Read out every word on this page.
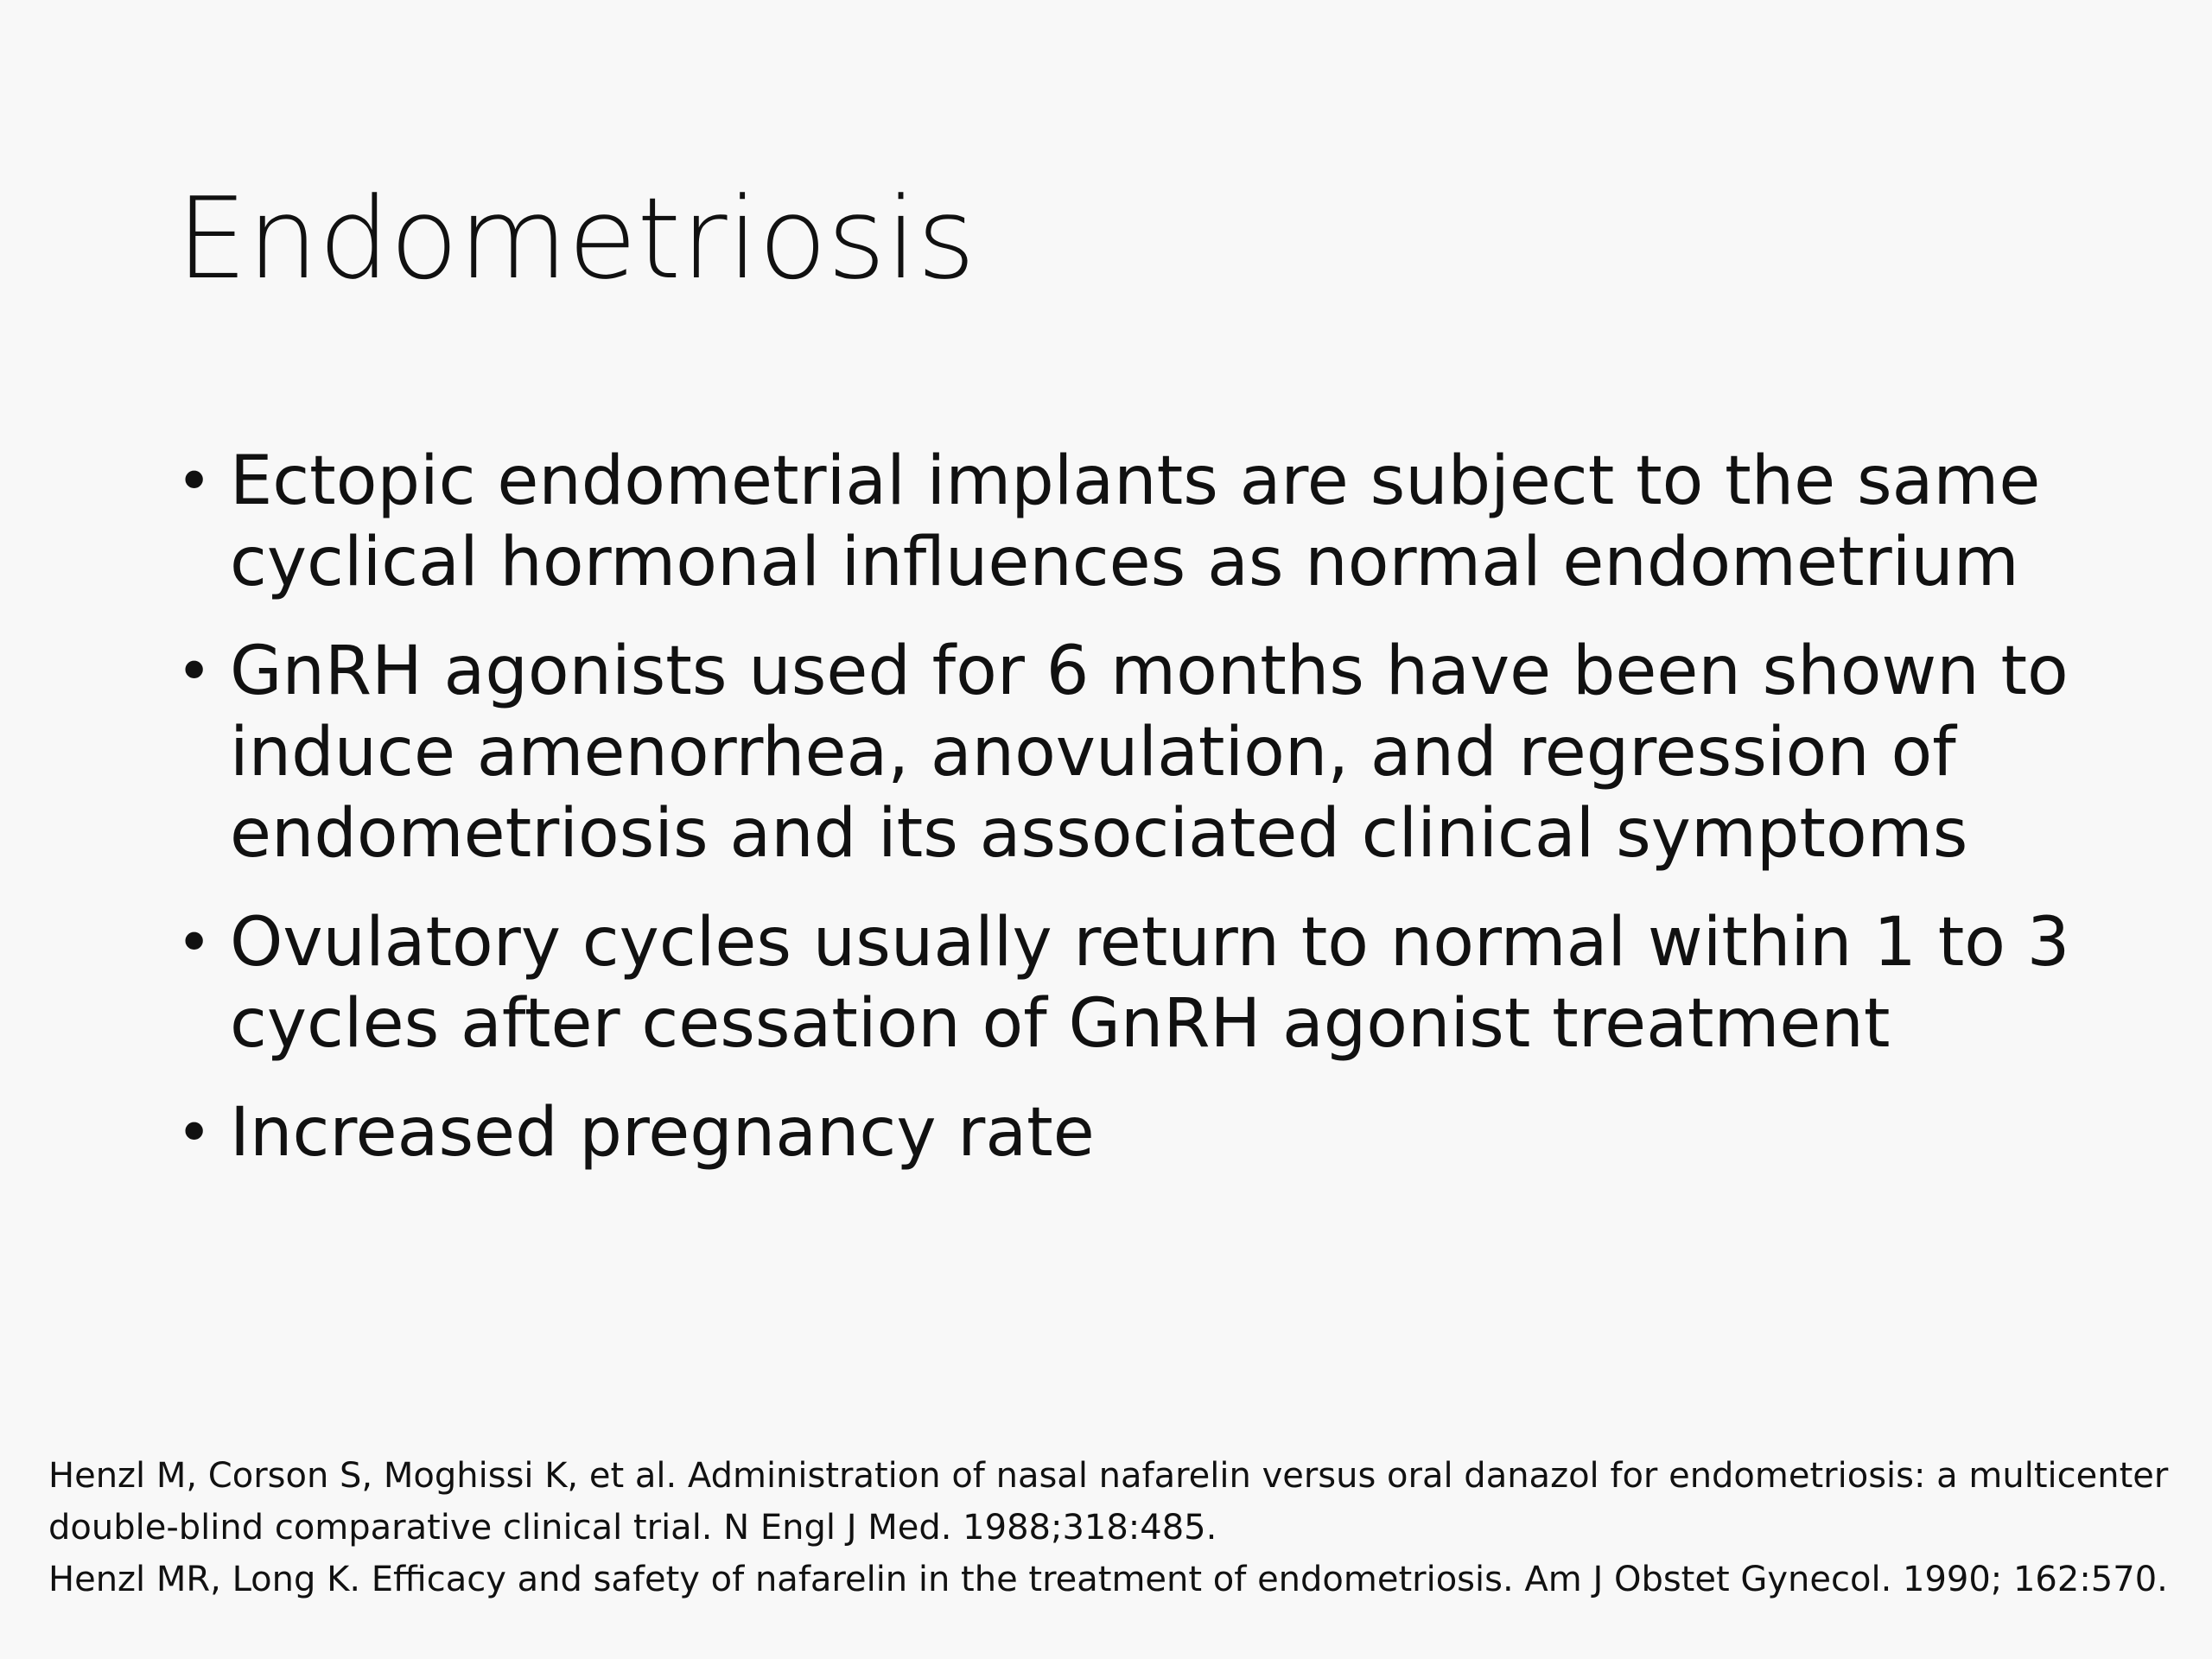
Endometriosis
• Ectopic endometrial implants are subject to the same cyclical hormonal influences as normal endometrium
• GnRH agonists used for 6 months have been shown to induce amenorrhea, anovulation, and regression of endometriosis and its associated clinical symptoms
• Ovulatory cycles usually return to normal within 1 to 3 cycles after cessation of GnRH agonist treatment
• Increased pregnancy rate

Henzl M, Corson S, Moghissi K, et al. Administration of nasal nafarelin versus oral danazol for endometriosis: a multicenter double-blind comparative clinical trial. N Engl J Med. 1988;318:485.

Henzl MR, Long K. Efficacy and safety of nafarelin in the treatment of endometriosis. Am J Obstet Gynecol. 1990; 162:570.
